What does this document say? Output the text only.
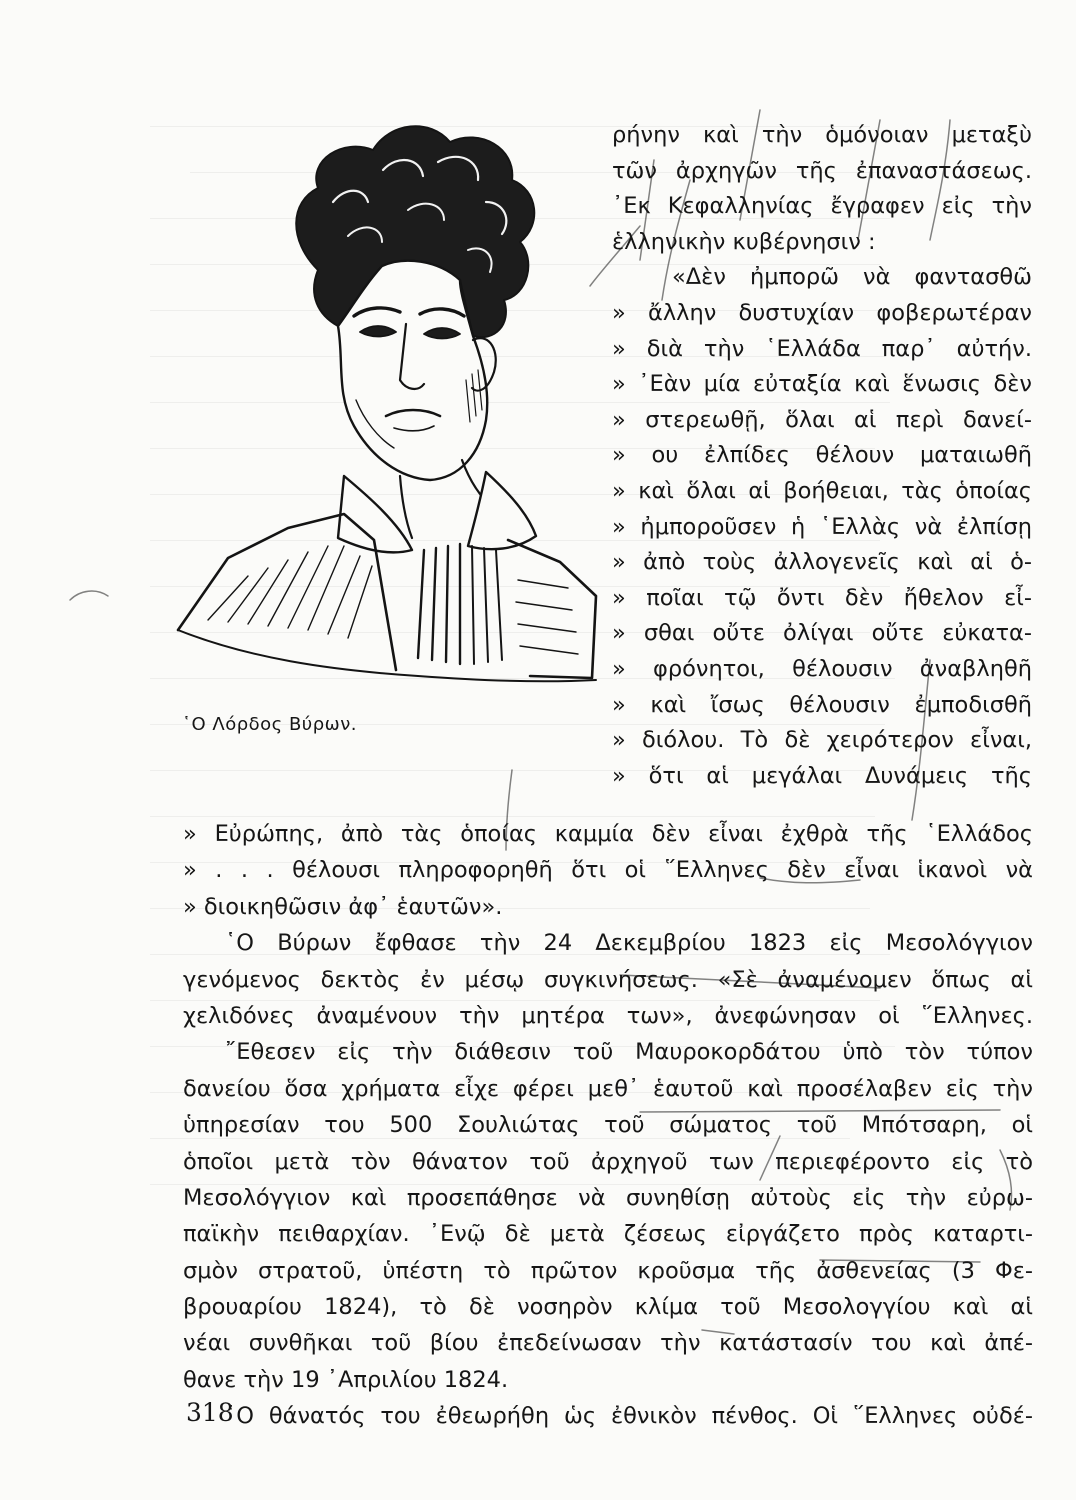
῾Ο Λόρδος Βύρων.
ρήνην καὶ τὴν ὁμόνοιαν μεταξὺ
τῶν ἀρχηγῶν τῆς ἐπαναστάσεως.
᾽Εκ Κεφαλληνίας ἔγραφεν εἰς τὴν
ἑλληνικὴν κυβέρνησιν :
«Δὲν ἠμπορῶ νὰ φαντασθῶ
» ἄλλην δυστυχίαν φοβερωτέραν
» διὰ τὴν ῾Ελλάδα παρ᾽ αὐτήν.
» ᾽Εὰν μία εὐταξία καὶ ἕνωσις δὲν
» στερεωθῇ, ὅλαι αἱ περὶ δανεί-
» ου ἐλπίδες θέλουν ματαιωθῆ
» καὶ ὅλαι αἱ βοήθειαι, τὰς ὁποίας
» ἠμποροῦσεν ἡ ῾Ελλὰς νὰ ἐλπίσῃ
» ἀπὸ τοὺς ἀλλογενεῖς καὶ αἱ ὁ-
» ποῖαι τῷ ὄντι δὲν ἤθελον εἶ-
» σθαι οὔτε ὀλίγαι οὔτε εὐκατα-
» φρόνητοι, θέλουσιν ἀναβληθῆ
» καὶ ἴσως θέλουσιν ἐμποδισθῆ
» διόλου. Τὸ δὲ χειρότερον εἶναι,
» ὅτι αἱ μεγάλαι Δυνάμεις τῆς
» Εὐρώπης, ἀπὸ τὰς ὁποίας καμμία δὲν εἶναι ἐχθρὰ τῆς ῾Ελλάδος
» . . . θέλουσι πληροφορηθῆ ὅτι οἱ ῞Ελληνες δὲν εἶναι ἱκανοὶ νὰ
» διοικηθῶσιν ἀφ᾽ ἑαυτῶν».
῾Ο Βύρων ἔφθασε τὴν 24 Δεκεμβρίου 1823 εἰς Μεσολόγγιον
γενόμενος δεκτὸς ἐν μέσῳ συγκινήσεως. «Σὲ ἀναμένομεν ὅπως αἱ
χελιδόνες ἀναμένουν τὴν μητέρα των», ἀνεφώνησαν οἱ ῞Ελληνες.
῎Εθεσεν εἰς τὴν διάθεσιν τοῦ Μαυροκορδάτου ὑπὸ τὸν τύπον
δανείου ὅσα χρήματα εἶχε φέρει μεθ᾽ ἑαυτοῦ καὶ προσέλαβεν εἰς τὴν
ὑπηρεσίαν του 500 Σουλιώτας τοῦ σώματος τοῦ Μπότσαρη, οἱ
ὁποῖοι μετὰ τὸν θάνατον τοῦ ἀρχηγοῦ των περιεφέροντο εἰς τὸ
Μεσολόγγιον καὶ προσεπάθησε νὰ συνηθίσῃ αὐτοὺς εἰς τὴν εὐρω-
παϊκὴν πειθαρχίαν. ᾽Ενῷ δὲ μετὰ ζέσεως εἰργάζετο πρὸς καταρτι-
σμὸν στρατοῦ, ὑπέστη τὸ πρῶτον κροῦσμα τῆς ἀσθενείας (3 Φε-
βρουαρίου 1824), τὸ δὲ νοσηρὸν κλίμα τοῦ Μεσολογγίου καὶ αἱ
νέαι συνθῆκαι τοῦ βίου ἐπεδείνωσαν τὴν κατάστασίν του καὶ ἀπέ-
θανε τὴν 19 ᾽Απριλίου 1824.
῾Ο θάνατός του ἐθεωρήθη ὡς ἐθνικὸν πένθος. Οἱ ῞Ελληνες οὐδέ-
318
